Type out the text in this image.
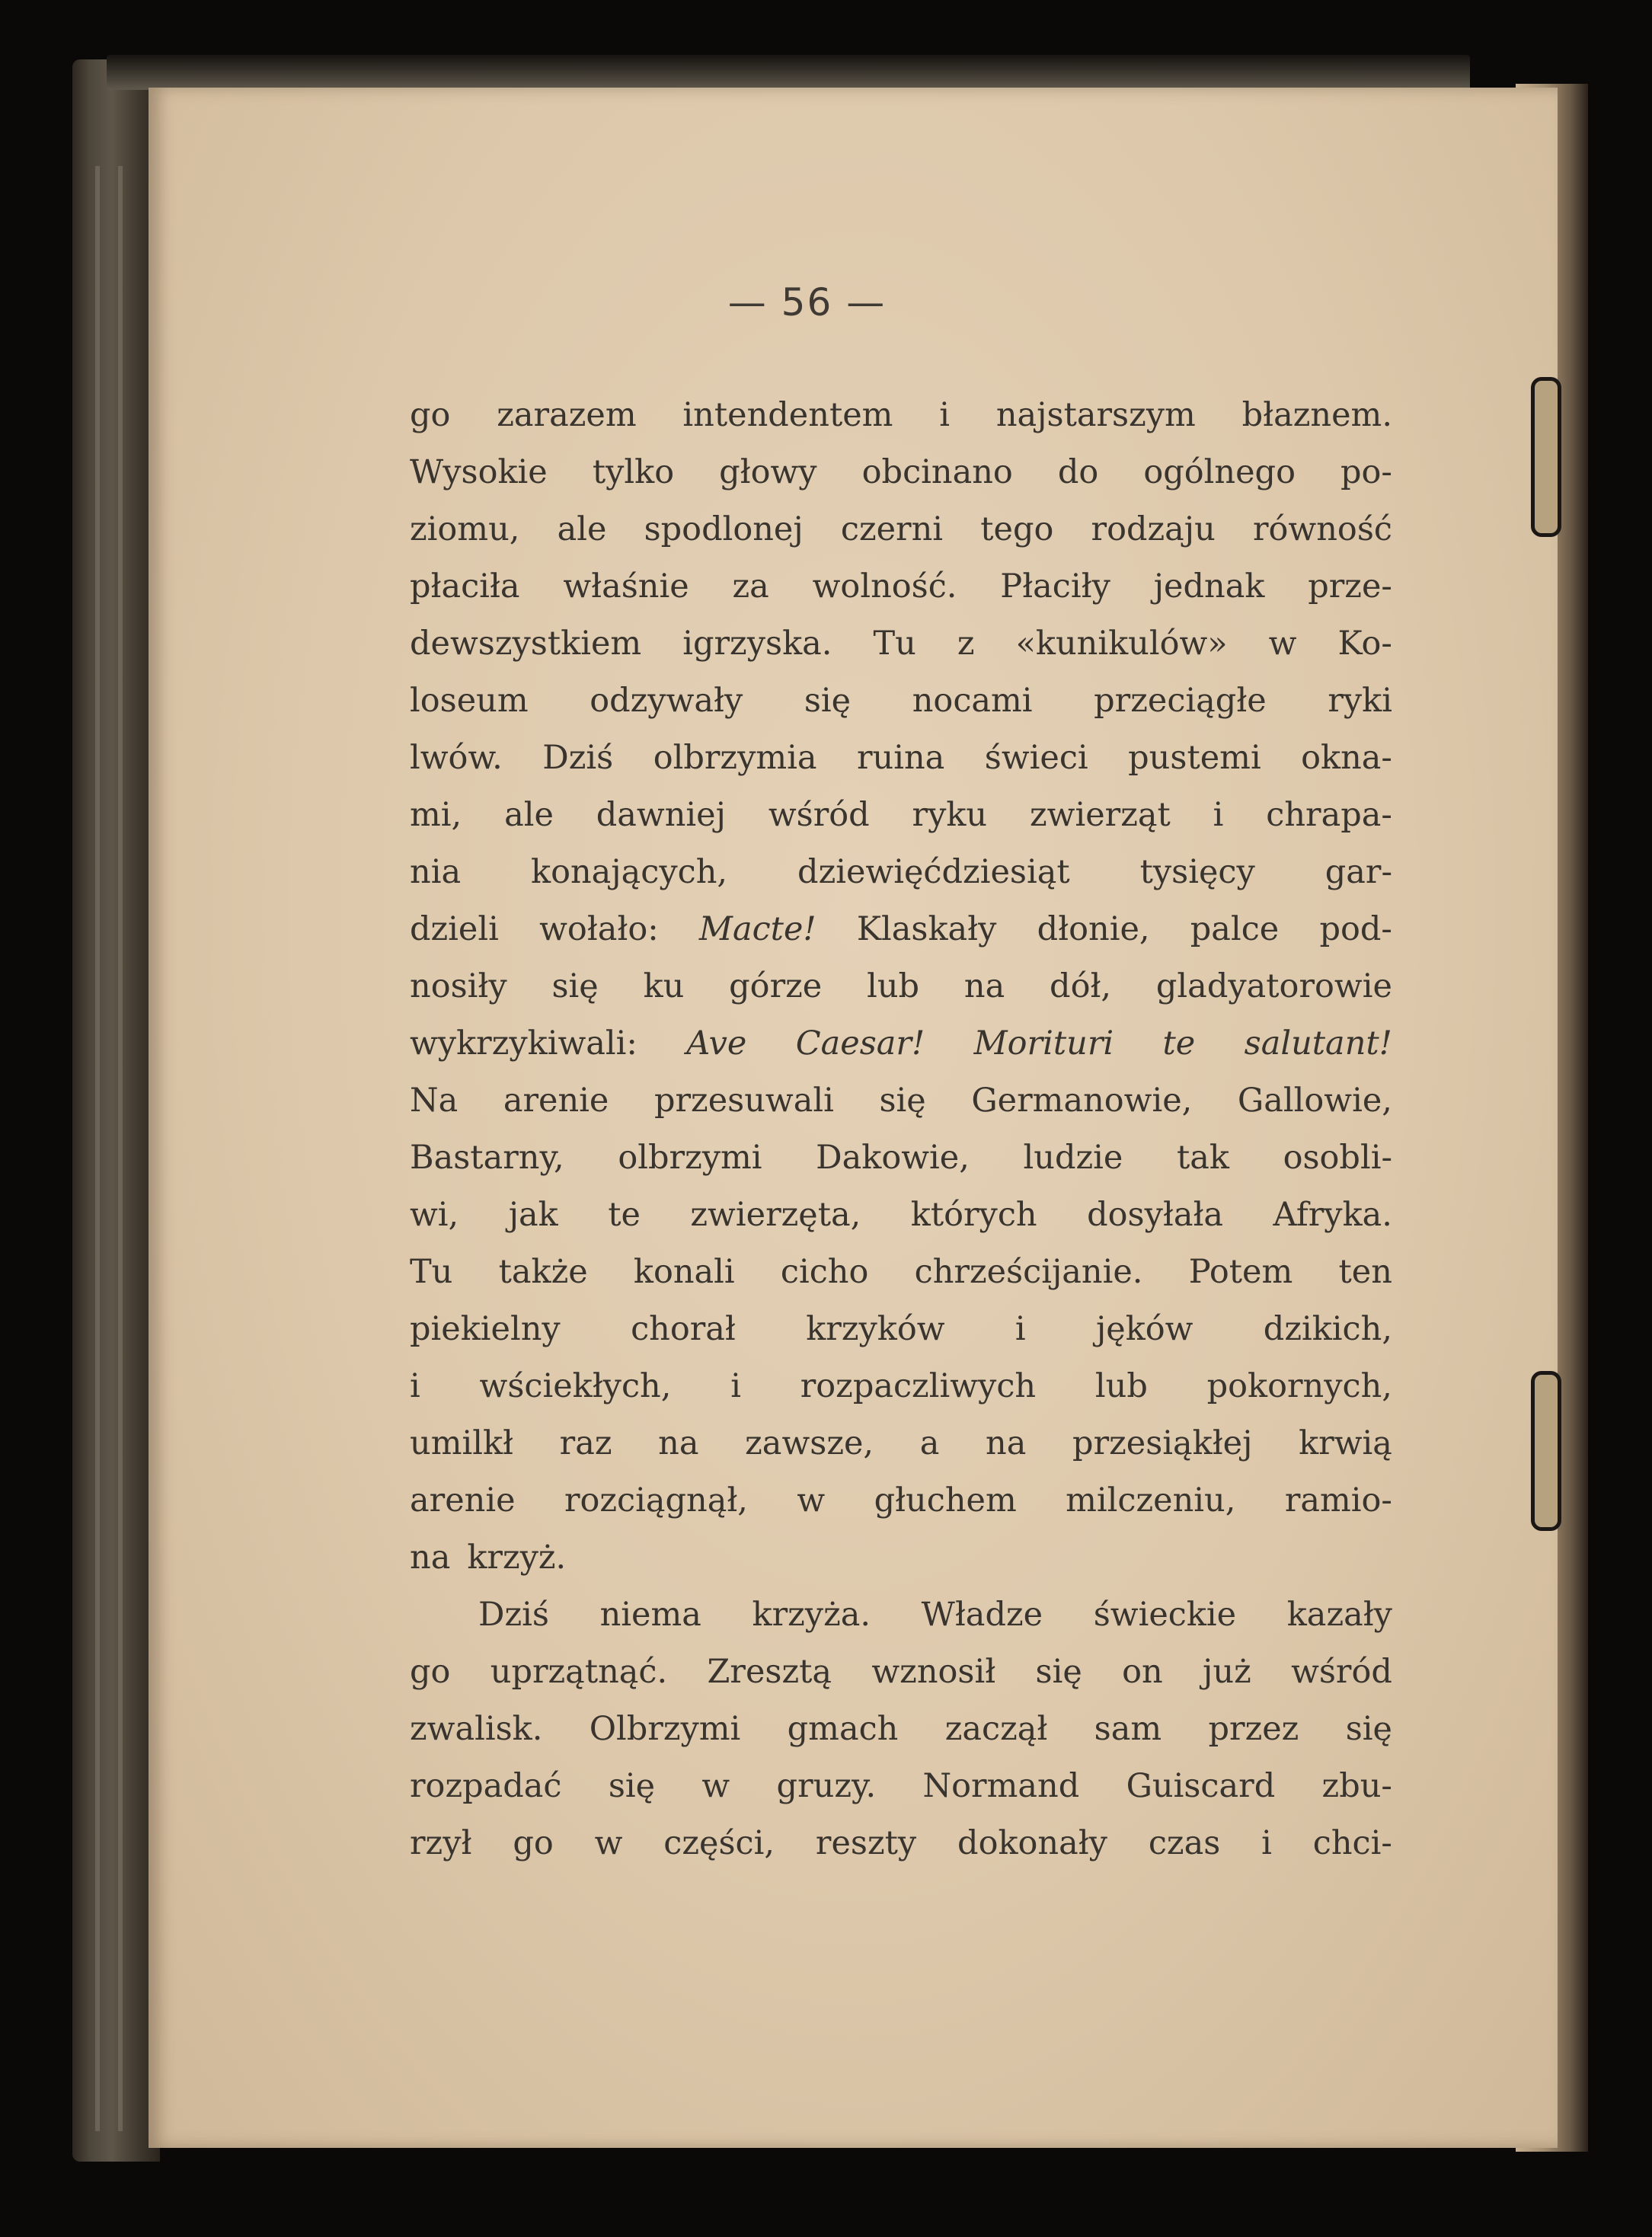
— 56 —
go zarazem intendentem i najstarszym błaznem.
Wysokie tylko głowy obcinano do ogólnego po-
ziomu, ale spodlonej czerni tego rodzaju równość
płaciła właśnie za wolność. Płaciły jednak prze-
dewszystkiem igrzyska. Tu z «kunikulów» w Ko-
loseum odzywały się nocami przeciągłe ryki
lwów. Dziś olbrzymia ruina świeci pustemi okna-
mi, ale dawniej wśród ryku zwierząt i chrapa-
nia konających, dziewięćdziesiąt tysięcy gar-
dzieli wołało: Macte! Klaskały dłonie, palce pod-
nosiły się ku górze lub na dół, gladyatorowie
wykrzykiwali: Ave Caesar! Morituri te salutant!
Na arenie przesuwali się Germanowie, Gallowie,
Bastarny, olbrzymi Dakowie, ludzie tak osobli-
wi, jak te zwierzęta, których dosyłała Afryka.
Tu także konali cicho chrześcijanie. Potem ten
piekielny chorał krzyków i jęków dzikich,
i wściekłych, i rozpaczliwych lub pokornych,
umilkł raz na zawsze, a na przesiąkłej krwią
arenie rozciągnął, w głuchem milczeniu, ramio-
na krzyż.
Dziś niema krzyża. Władze świeckie kazały
go uprzątnąć. Zresztą wznosił się on już wśród
zwalisk. Olbrzymi gmach zaczął sam przez się
rozpadać się w gruzy. Normand Guiscard zbu-
rzył go w części, reszty dokonały czas i chci-
